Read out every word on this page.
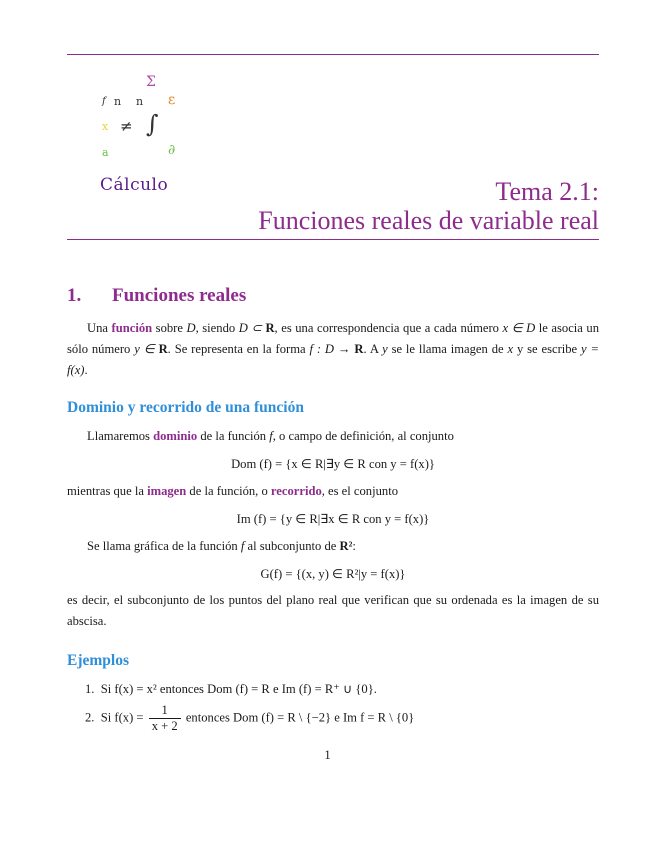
Σ
ε
n n
f
x ≠ ∫
a	∂
Cálculo	Tema 2.1:
Funciones reales de variable real
1. Funciones reales
Una función sobre D, siendo D ⊂ R, es una correspondencia que a cada número x ∈ D le asocia un sólo número y ∈ R. Se representa en la forma f : D → R. A y se le llama imagen de x y se escribe y = f(x).
Dominio y recorrido de una función
Llamaremos dominio de la función f, o campo de definición, al conjunto
Dom (f) = {x ∈ R|∃y ∈ R con y = f(x)}
mientras que la imagen de la función, o recorrido, es el conjunto
Im (f) = {y ∈ R|∃x ∈ R con y = f(x)}
Se llama gráfica de la función f al subconjunto de R²:
G(f) = {(x, y) ∈ R²|y = f(x)}
es decir, el subconjunto de los puntos del plano real que verifican que su ordenada es la imagen de su abscisa.
Ejemplos
1. Si f(x) = x² entonces Dom (f) = R e Im (f) = R⁺ ∪ {0}.
2. Si $f(x) = \frac{1}{x + 2}$ entonces Dom (f) = R \ {−2} e Im f = R \ {0}
1
